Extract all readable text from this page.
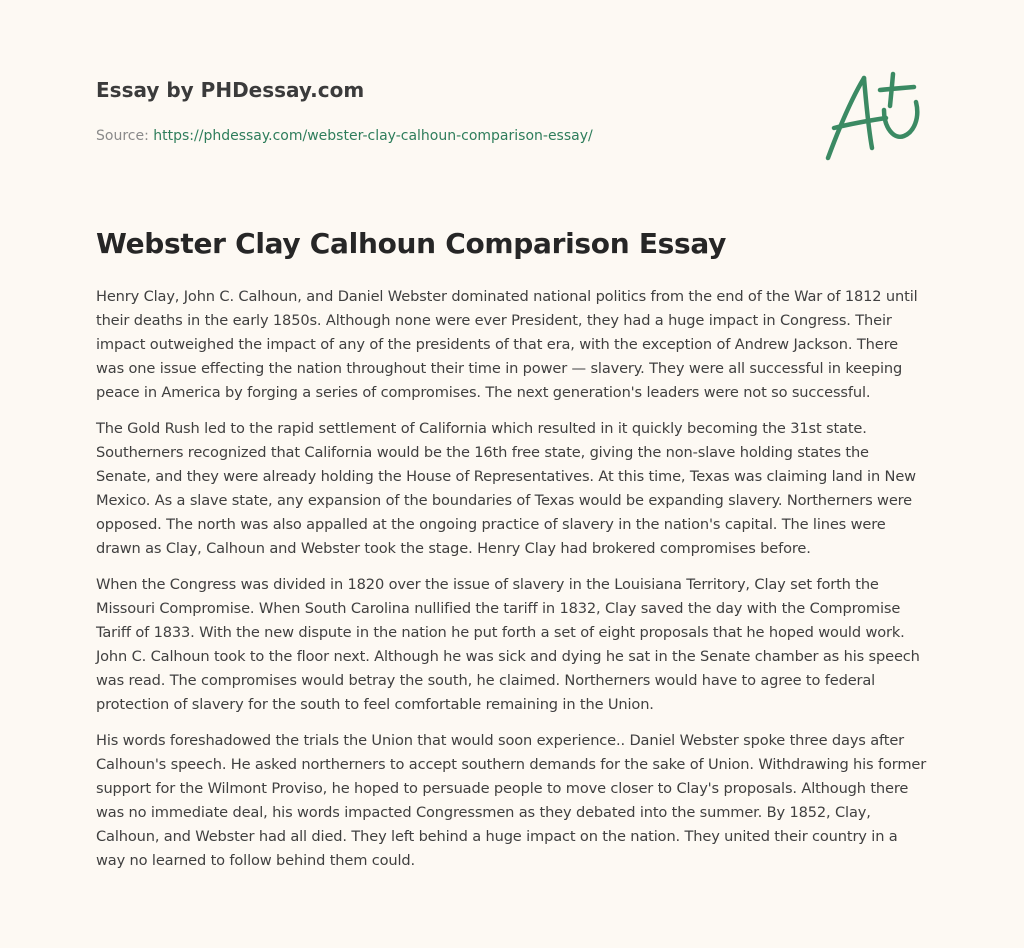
Essay by PHDessay.com
Source: https://phdessay.com/webster-clay-calhoun-comparison-essay/
Webster Clay Calhoun Comparison Essay

Henry Clay, John C. Calhoun, and Daniel Webster dominated national politics from the end of the War of 1812 until their deaths in the early 1850s. Although none were ever President, they had a huge impact in Congress. Their impact outweighed the impact of any of the presidents of that era, with the exception of Andrew Jackson. There was one issue effecting the nation throughout their time in power — slavery. They were all successful in keeping peace in America by forging a series of compromises. The next generation's leaders were not so successful.

The Gold Rush led to the rapid settlement of California which resulted in it quickly becoming the 31st state. Southerners recognized that California would be the 16th free state, giving the non-slave holding states the Senate, and they were already holding the House of Representatives. At this time, Texas was claiming land in New Mexico. As a slave state, any expansion of the boundaries of Texas would be expanding slavery. Northerners were opposed. The north was also appalled at the ongoing practice of slavery in the nation's capital. The lines were drawn as Clay, Calhoun and Webster took the stage. Henry Clay had brokered compromises before.

When the Congress was divided in 1820 over the issue of slavery in the Louisiana Territory, Clay set forth the Missouri Compromise. When South Carolina nullified the tariff in 1832, Clay saved the day with the Compromise Tariff of 1833. With the new dispute in the nation he put forth a set of eight proposals that he hoped would work. John C. Calhoun took to the floor next. Although he was sick and dying he sat in the Senate chamber as his speech was read. The compromises would betray the south, he claimed. Northerners would have to agree to federal protection of slavery for the south to feel comfortable remaining in the Union.

His words foreshadowed the trials the Union that would soon experience.. Daniel Webster spoke three days after Calhoun's speech. He asked northerners to accept southern demands for the sake of Union. Withdrawing his former support for the Wilmont Proviso, he hoped to persuade people to move closer to Clay's proposals. Although there was no immediate deal, his words impacted Congressmen as they debated into the summer. By 1852, Clay, Calhoun, and Webster had all died. They left behind a huge impact on the nation. They united their country in a way no learned to follow behind them could.
